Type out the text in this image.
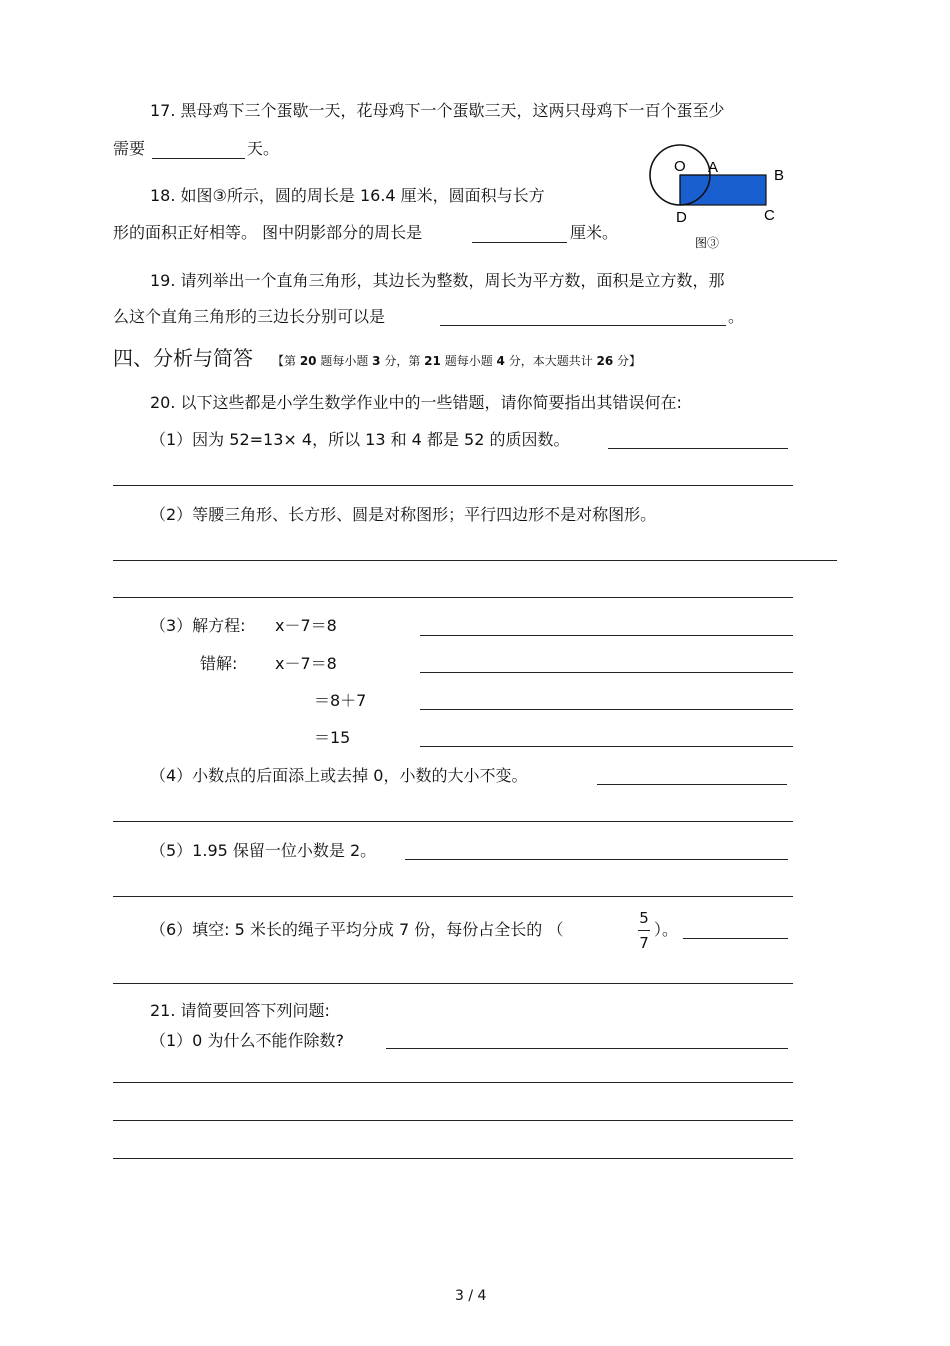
17. 黑母鸡下三个蛋歇一天，花母鸡下一个蛋歇三天，这两只母鸡下一百个蛋至少
需要	天。
18. 如图③所示，圆的周长是 16.4 厘米，圆面积与长方
形的面积正好相等。 图中阴影部分的周长是	厘米。
O A	B
D	C
图③
19. 请列举出一个直角三角形，其边长为整数，周长为平方数，面积是立方数，那
么这个直角三角形的三边长分别可以是	。
四、分析与简答 【第 20 题每小题 3 分，第 21 题每小题 4 分，本大题共计 26 分】
20. 以下这些都是小学生数学作业中的一些错题，请你简要指出其错误何在:
（1）因为 52=13× 4，所以 13 和 4 都是 52 的质因数。
（2）等腰三角形、长方形、圆是对称图形；平行四边形不是对称图形。
（3）解方程: x－7＝8
错解: x－7＝8
＝8＋7
＝15
（4）小数点的后面添上或去掉 0，小数的大小不变。
（5）1.95 保留一位小数是 2。
（6）填空: 5 米长的绳子平均分成 7 份，每份占全长的 （
5
7
）。
21. 请简要回答下列问题:
（1）0 为什么不能作除数?
3 / 4
